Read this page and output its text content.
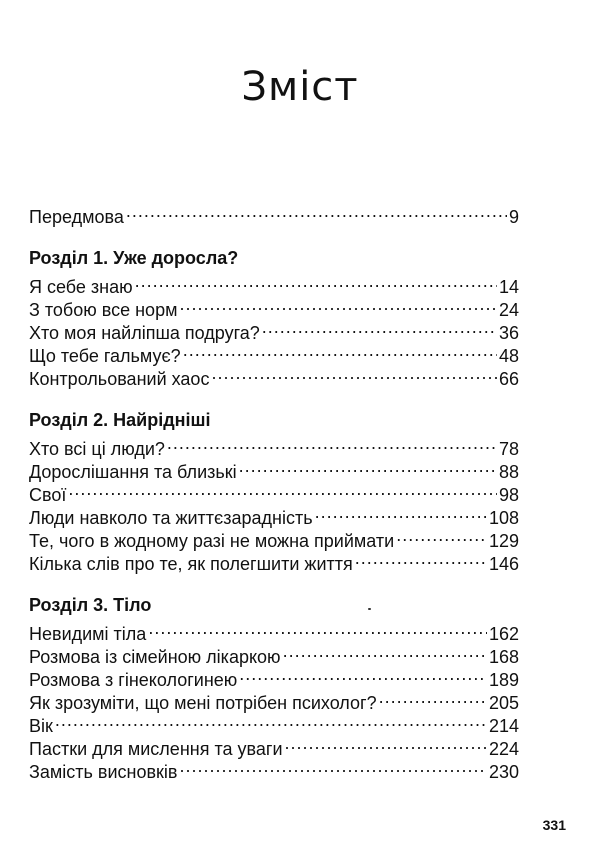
Зміст
Передмова .....	9
Розділ 1. Уже доросла?
Я себе знаю .....	14
З тобою все норм .....	24
Хто моя найліпша подруга? .....	36
Що тебе гальмує? .....	48
Контрольований хаос .....	66
Розділ 2. Найрідніші
Хто всі ці люди? .....	78
Дорослішання та близькі .....	88
Свої .....	98
Люди навколо та життєзарадність .....	108
Те, чого в жодному разі не можна приймати .....	129
Кілька слів про те, як полегшити життя .....	146
Розділ 3. Тіло
Невидимі тіла .....	162
Розмова із сімейною лікаркою .....	168
Розмова з гінекологинею .....	189
Як зрозуміти, що мені потрібен психолог? .....	205
Вік .....	214
Пастки для мислення та уваги .....	224
Замість висновків .....	230
331
